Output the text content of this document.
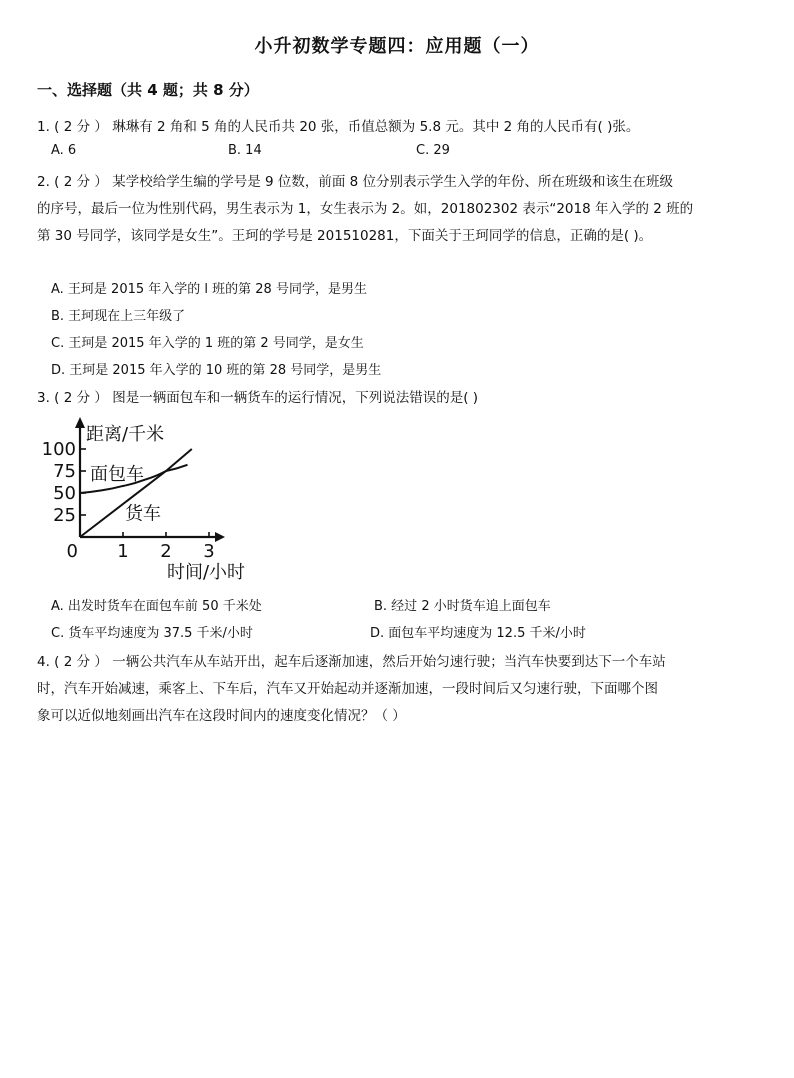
小升初数学专题四：应用题（一）
一、选择题（共 4 题；共 8 分）
1. ( 2 分 ） 琳琳有 2 角和 5 角的人民币共 20 张，币值总额为 5.8 元。其中 2 角的人民币有( )张。
A. 6	B. 14	C. 29
2. ( 2 分 ） 某学校给学生编的学号是 9 位数，前面 8 位分别表示学生入学的年份、所在班级和该生在班级
的序号，最后一位为性别代码，男生表示为 1，女生表示为 2。如，201802302 表示“2018 年入学的 2 班的
第 30 号同学，该同学是女生”。王珂的学号是 201510281，下面关于王珂同学的信息，正确的是( )。
A. 王珂是 2015 年入学的 l 班的第 28 号同学，是男生
B. 王珂现在上三年级了
C. 王珂是 2015 年入学的 1 班的第 2 号同学，是女生
D. 王珂是 2015 年入学的 10 班的第 28 号同学，是男生
3. ( 2 分 ） 图是一辆面包车和一辆货车的运行情况，下列说法错误的是( )
25
50
75
100
1 2 3
0
距离/千米
时间/小时
面包车
货车
A. 出发时货车在面包车前 50 千米处	B. 经过 2 小时货车追上面包车
C. 货车平均速度为 37.5 千米/小时	D. 面包车平均速度为 12.5 千米/小时
4. ( 2 分 ） 一辆公共汽车从车站开出，起车后逐渐加速，然后开始匀速行驶；当汽车快要到达下一个车站
时，汽车开始减速，乘客上、下车后，汽车又开始起动并逐渐加速，一段时间后又匀速行驶，下面哪个图
象可以近似地刻画出汽车在这段时间内的速度变化情况？（ ）
